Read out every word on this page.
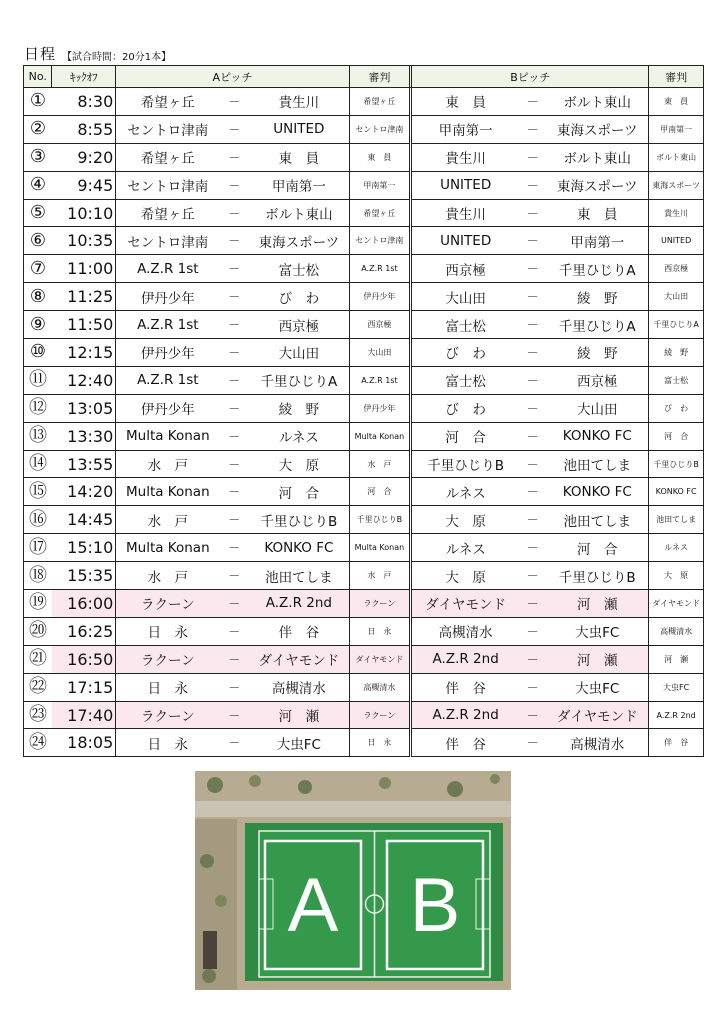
日程 【試合時間：20分1本】
No.	ｷｯｸｵﾌ	Aピッチ			審判		Bピッチ			審判
①	8:30	希望ヶ丘	－	貴生川	希望ヶ丘		東　員	－	ボルト東山	東　員
②	8:55	セントロ津南	－	UNITED	セントロ津南		甲南第一	－	東海スポーツ	甲南第一
③	9:20	希望ヶ丘	－	東　員	東　員		貴生川	－	ボルト東山	ボルト東山
④	9:45	セントロ津南	－	甲南第一	甲南第一		UNITED	－	東海スポーツ	東海スポーツ
⑤	10:10	希望ヶ丘	－	ボルト東山	希望ヶ丘		貴生川	－	東　員	貴生川
⑥	10:35	セントロ津南	－	東海スポーツ	セントロ津南		UNITED	－	甲南第一	UNITED
⑦	11:00	A.Z.R 1st	－	富士松	A.Z.R 1st		西京極	－	千里ひじりA	西京極
⑧	11:25	伊丹少年	－	び　わ	伊丹少年		大山田	－	綾　野	大山田
⑨	11:50	A.Z.R 1st	－	西京極	西京極		富士松	－	千里ひじりA	千里ひじりA
⑩	12:15	伊丹少年	－	大山田	大山田		び　わ	－	綾　野	綾　野
⑪	12:40	A.Z.R 1st	－	千里ひじりA	A.Z.R 1st		富士松	－	西京極	富士松
⑫	13:05	伊丹少年	－	綾　野	伊丹少年		び　わ	－	大山田	び　わ
⑬	13:30	Multa Konan	－	ルネス	Multa Konan		河　合	－	KONKO FC	河　合
⑭	13:55	水　戸	－	大　原	水　戸		千里ひじりB	－	池田てしま	千里ひじりB
⑮	14:20	Multa Konan	－	河　合	河　合		ルネス	－	KONKO FC	KONKO FC
⑯	14:45	水　戸	－	千里ひじりB	千里ひじりB		大　原	－	池田てしま	池田てしま
⑰	15:10	Multa Konan	－	KONKO FC	Multa Konan		ルネス	－	河　合	ルネス
⑱	15:35	水　戸	－	池田てしま	水　戸		大　原	－	千里ひじりB	大　原
⑲	16:00	ラクーン	－	A.Z.R 2nd	ラクーン		ダイヤモンド	－	河　瀬	ダイヤモンド
⑳	16:25	日　永	－	伴　谷	日　永		高槻清水	－	大虫FC	高槻清水
㉑	16:50	ラクーン	－	ダイヤモンド	ダイヤモンド		A.Z.R 2nd	－	河　瀬	河　瀬
㉒	17:15	日　永	－	高槻清水	高槻清水		伴　谷	－	大虫FC	大虫FC
㉓	17:40	ラクーン	－	河　瀬	ラクーン		A.Z.R 2nd	－	ダイヤモンド	A.Z.R 2nd
㉔	18:05	日　永	－	大虫FC	日　永		伴　谷	－	高槻清水	伴　谷
A B
